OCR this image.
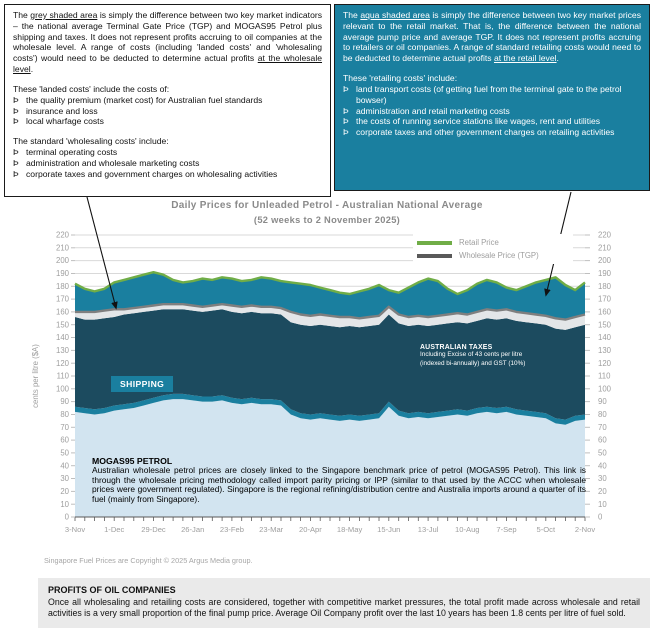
3-Nov 1-Dec 29-Dec 26-Jan 23-Feb 23-Mar 20-Apr 18-May 15-Jun 13-Jul 10-Aug 7-Sep	5-Oct	2-Nov
0	0
10	10
20	20
30	30
40	40
50	50
60	60
70	70
80	80
90	90
100	100
110	110
120	120
130	130
140	140
150	150
160	160
170	170
180	180
190	190
200	200
210	210
220	220
cents per litre ($A)

The grey shaded area is simply the difference between two key market indicators – the national average Terminal Gate Price (TGP) and MOGAS95 Petrol plus shipping and taxes. It does not represent profits accruing to oil companies at the wholesale level. A range of costs (including 'landed costs' and 'wholesaling costs') would need to be deducted to determine actual profits at the wholesale level.

These 'landed costs' include the costs of:
Þ the quality premium (market cost) for Australian fuel standards
Þ insurance and loss
Þ local wharfage costs
The standard 'wholesaling costs' include:
Þ terminal operating costs
Þ administration and wholesale marketing costs
Þ corporate taxes and government charges on wholesaling activities

The aqua shaded area is simply the difference between two key market prices relevant to the retail market. That is, the difference between the national average pump price and average TGP. It does not represent profits accruing to retailers or oil companies. A range of standard retailing costs would need to be deducted to determine actual profits at the retail level.

These 'retailing costs' include:
Þ land transport costs (of getting fuel from the terminal gate to the petrol bowser)
Þ administration and retail marketing costs
Þ the costs of running service stations like wages, rent and utilities
Þ corporate taxes and other government charges on retailing activities
Daily Prices for Unleaded Petrol - Australian National Average
(52 weeks to 2 November 2025)
Retail Price
Wholesale Price (TGP)
SHIPPING
AUSTRALIAN TAXES
Including Excise of 43 cents per litre
(indexed bi-annually) and GST (10%)
MOGAS95 PETROL
Australian wholesale petrol prices are closely linked to the Singapore benchmark price of petrol (MOGAS95 Petrol). This link is through the wholesale pricing methodology called import parity pricing or IPP (similar to that used by the ACCC when wholesale prices were government regulated). Singapore is the regional refining/distribution centre and Australia imports around a quarter of its fuel (mainly from Singapore).
Singapore Fuel Prices are Copyright © 2025 Argus Media group.
PROFITS OF OIL COMPANIES
Once all wholesaling and retailing costs are considered, together with competitive market pressures, the total profit made across wholesale and retail activities is a very small proportion of the final pump price. Average Oil Company profit over the last 10 years has been 1.8 cents per litre of fuel sold.
